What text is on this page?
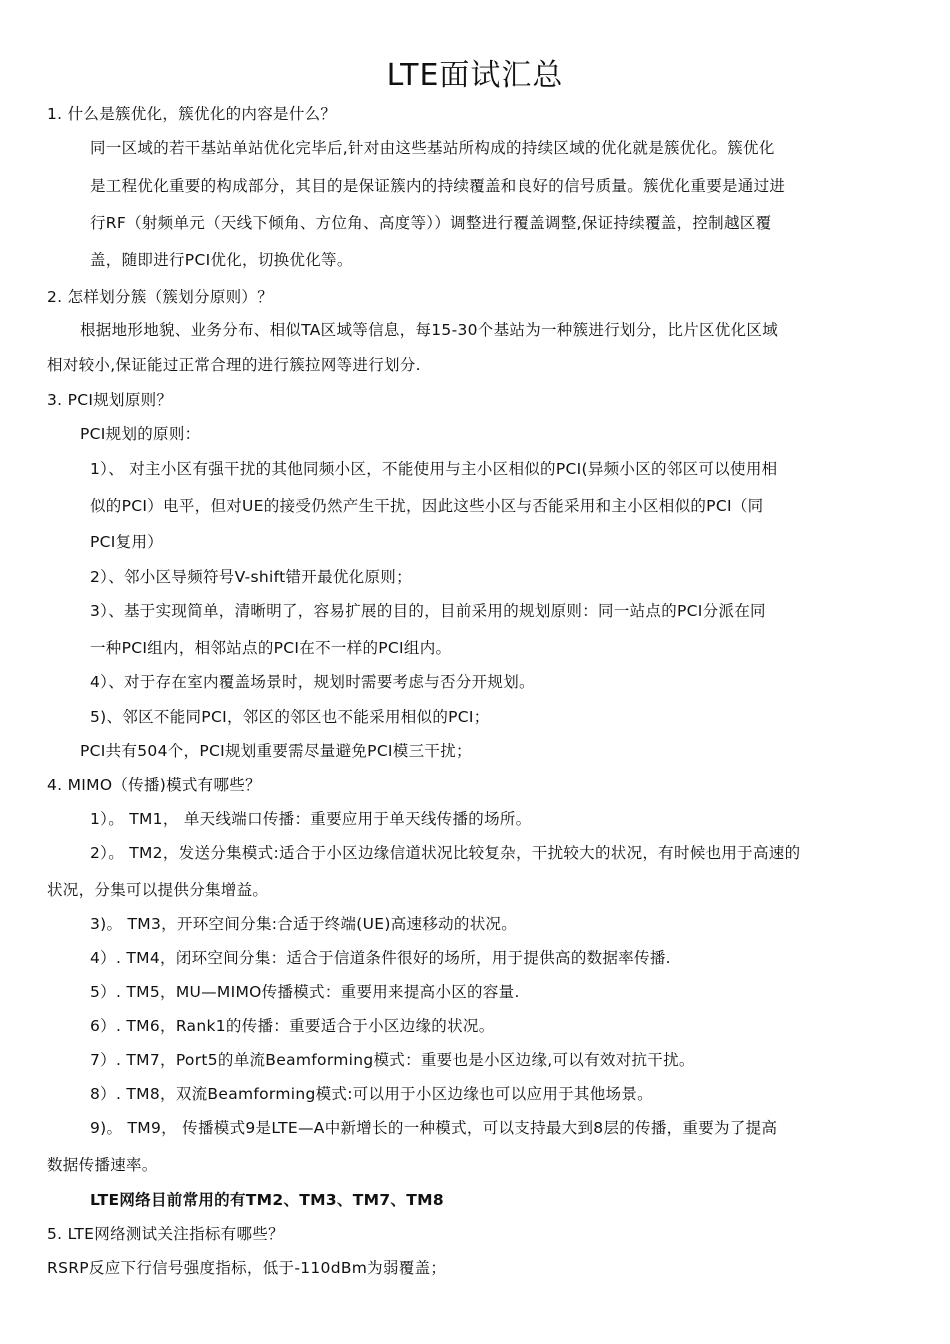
LTE面试汇总
1. 什么是簇优化，簇优化的内容是什么？
同一区域的若干基站单站优化完毕后,针对由这些基站所构成的持续区域的优化就是簇优化。簇优化
是工程优化重要的构成部分，其目的是保证簇内的持续覆盖和良好的信号质量。簇优化重要是通过进
行RF（射频单元（天线下倾角、方位角、高度等））调整进行覆盖调整,保证持续覆盖，控制越区覆
盖，随即进行PCI优化，切换优化等。
2. 怎样划分簇（簇划分原则）？
根据地形地貌、业务分布、相似TA区域等信息，每15-30个基站为一种簇进行划分，比片区优化区域
相对较小,保证能过正常合理的进行簇拉网等进行划分.
3. PCI规划原则？
PCI规划的原则：
1）、 对主小区有强干扰的其他同频小区，不能使用与主小区相似的PCI(异频小区的邻区可以使用相
似的PCI）电平，但对UE的接受仍然产生干扰，因此这些小区与否能采用和主小区相似的PCI（同
PCI复用）
2）、邻小区导频符号V-shift错开最优化原则；
3）、基于实现简单，清晰明了，容易扩展的目的，目前采用的规划原则：同一站点的PCI分派在同
一种PCI组内，相邻站点的PCI在不一样的PCI组内。
4）、对于存在室内覆盖场景时，规划时需要考虑与否分开规划。
5)、邻区不能同PCI，邻区的邻区也不能采用相似的PCI；
PCI共有504个，PCI规划重要需尽量避免PCI模三干扰；
4. MIMO（传播)模式有哪些？
1）。 TM1， 单天线端口传播：重要应用于单天线传播的场所。
2）。 TM2，发送分集模式:适合于小区边缘信道状况比较复杂，干扰较大的状况，有时候也用于高速的
状况，分集可以提供分集增益。
3)。 TM3，开环空间分集:合适于终端(UE)高速移动的状况。
4）. TM4，闭环空间分集：适合于信道条件很好的场所，用于提供高的数据率传播.
5）. TM5，MU—MIMO传播模式：重要用来提高小区的容量.
6）. TM6，Rank1的传播：重要适合于小区边缘的状况。
7）. TM7，Port5的单流Beamforming模式：重要也是小区边缘,可以有效对抗干扰。
8）. TM8，双流Beamforming模式:可以用于小区边缘也可以应用于其他场景。
9)。 TM9， 传播模式9是LTE—A中新增长的一种模式，可以支持最大到8层的传播，重要为了提高
数据传播速率。
LTE网络目前常用的有TM2、TM3、TM7、TM8
5. LTE网络测试关注指标有哪些？
RSRP反应下行信号强度指标，低于-110dBm为弱覆盖；
